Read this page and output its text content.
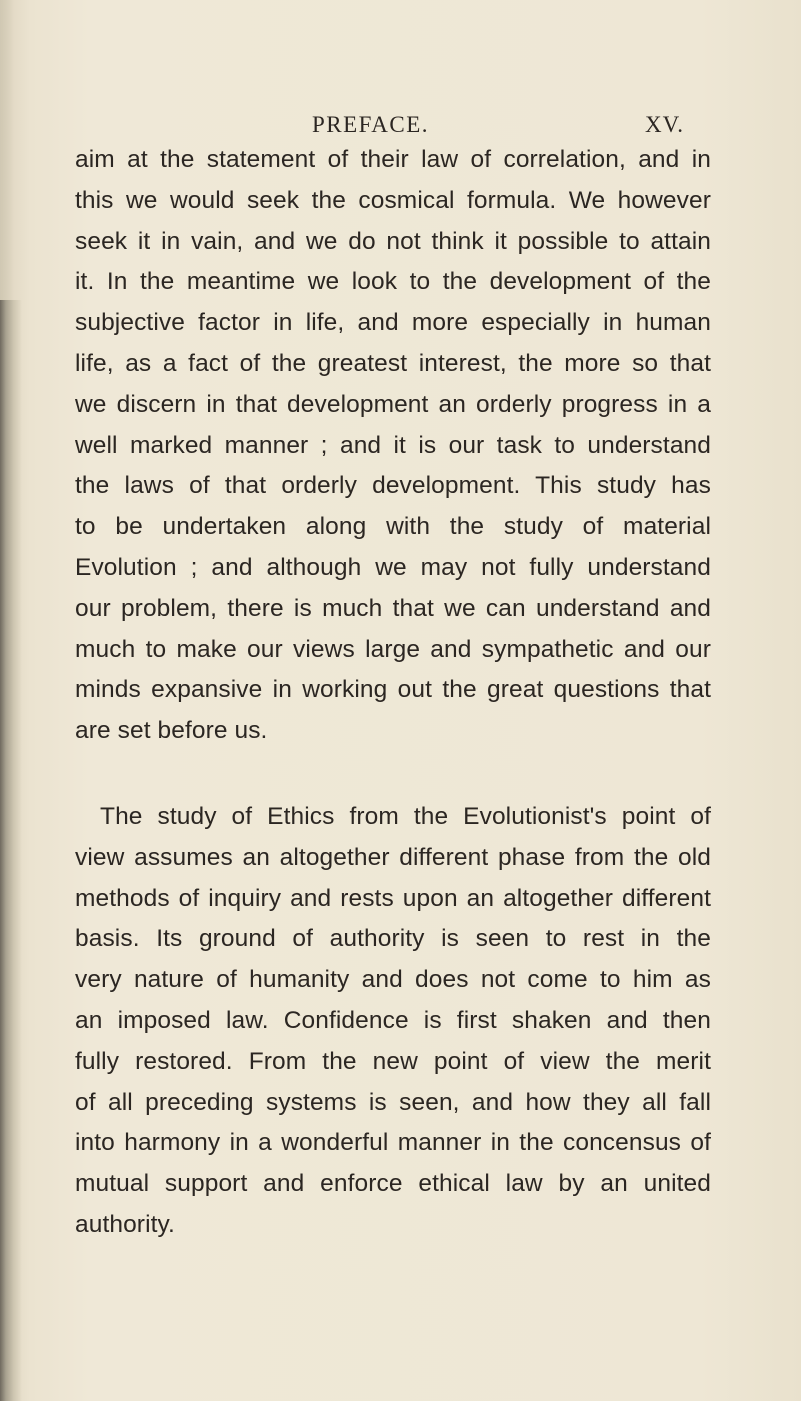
PREFACE.	XV.
aim at the statement of their law of correlation, and in
this we would seek the cosmical formula. We however
seek it in vain, and we do not think it possible to attain
it. In the meantime we look to the development of the
subjective factor in life, and more especially in human
life, as a fact of the greatest interest, the more so that
we discern in that development an orderly progress in a
well marked manner ; and it is our task to understand
the laws of that orderly development. This study has
to be undertaken along with the study of material
Evolution ; and although we may not fully understand
our problem, there is much that we can understand and
much to make our views large and sympathetic and our
minds expansive in working out the great questions that
are set before us.
The study of Ethics from the Evolutionist's point of
view assumes an altogether different phase from the old
methods of inquiry and rests upon an altogether different
basis. Its ground of authority is seen to rest in the
very nature of humanity and does not come to him as
an imposed law. Confidence is first shaken and then
fully restored. From the new point of view the merit
of all preceding systems is seen, and how they all fall
into harmony in a wonderful manner in the concensus of
mutual support and enforce ethical law by an united
authority.
